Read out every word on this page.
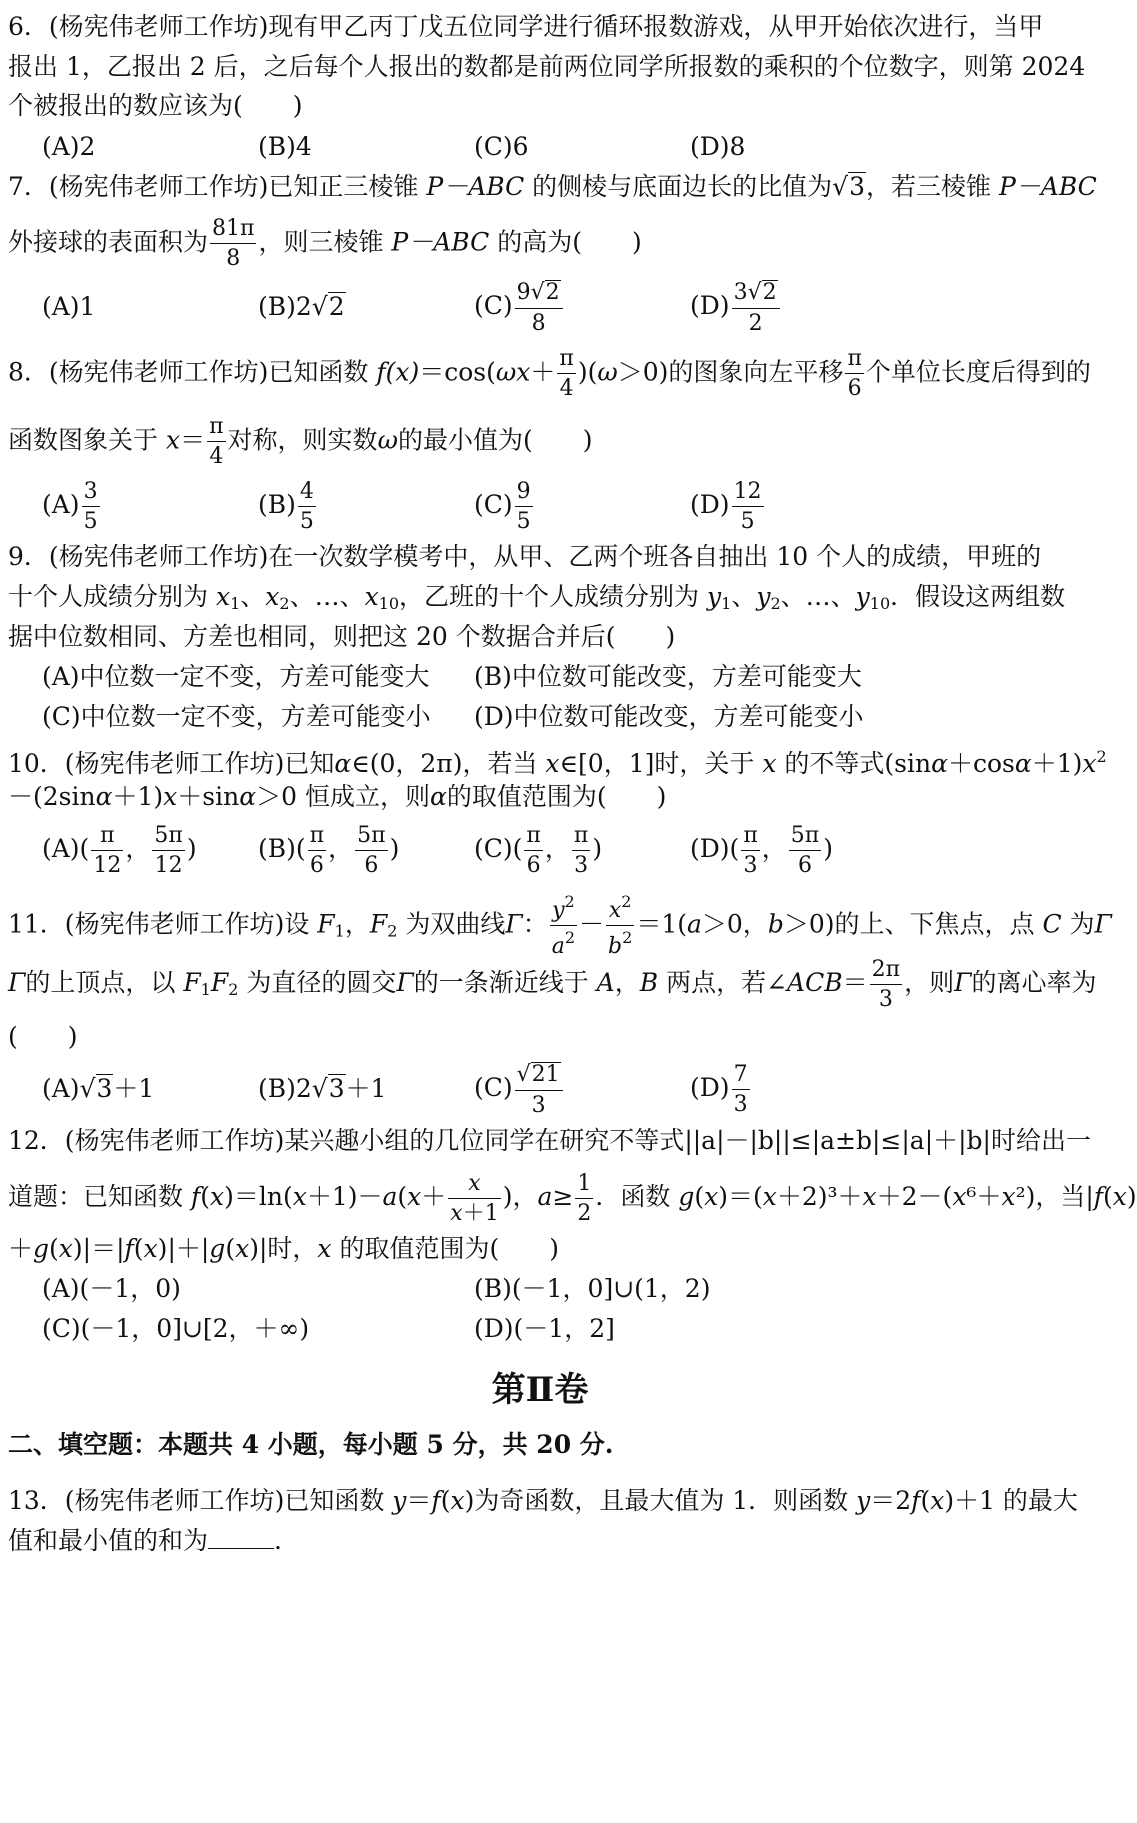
6．(杨宪伟老师工作坊)现有甲乙丙丁戊五位同学进行循环报数游戏，从甲开始依次进行，当甲
报出 1，乙报出 2 后，之后每个人报出的数都是前两位同学所报数的乘积的个位数字，则第 2024
个被报出的数应该为(　　)
(A)2	(B)4	(C)6	(D)8
7．(杨宪伟老师工作坊)已知正三棱锥 P－ABC 的侧棱与底面边长的比值为√3，若三棱锥 P－ABC
外接球的表面积为 $\frac{81\pi}{8}$ ，则三棱锥 P－ABC 的高为(　　)
(A)1	(B)2√2	$(C) \frac{9√2}{8}$	$(D) \frac{3√2}{2}$
8．(杨宪伟老师工作坊)已知函数 $f(x)=\cos(\omega x+ \frac{\pi}{4} )(\omega>0)$的图象向左平移 $\frac{\pi}{6}$ 个单位长度后得到的
函数图象关于 $x= \frac{\pi}{4}$ 对称，则实数ω的最小值为(　　)
$(A) \frac{3}{5}$	$(B) \frac{4}{5}$	$(C) \frac{9}{5}$	$(D) \frac{12}{5}$
9．(杨宪伟老师工作坊)在一次数学模考中，从甲、乙两个班各自抽出 10 个人的成绩，甲班的
十个人成绩分别为 $x_1$、$x_2$、…、$x_{10}$，乙班的十个人成绩分别为 $y_1$、$y_2$、…、$y_{10}$．假设这两组数
据中位数相同、方差也相同，则把这 20 个数据合并后(　　)
(A)中位数一定不变，方差可能变大 (B)中位数可能改变，方差可能变大
(C)中位数一定不变，方差可能变小 (D)中位数可能改变，方差可能变小
10．(杨宪伟老师工作坊)已知α∈(0，2π)，若当 x∈[0，1]时，关于 x 的不等式$(\sin\alpha+\cos\alpha+1)x^2$
－(2sinα＋1)x＋sinα＞0 恒成立，则α的取值范围为(　　)
$(A)( \frac{\pi}{12}$ ， $\frac{5\pi}{12}$ ) $(B)( \frac{\pi}{6}$ ， $\frac{5\pi}{6}$ )	$(C)( \frac{\pi}{6}$ ， $\frac{\pi}{3}$ )	$(D)( \frac{\pi}{3}$ ， $\frac{5\pi}{6}$ )
11．(杨宪伟老师工作坊)设 $F_1$，$F_2$ 为双曲线Γ： $\frac{y^2}{a^2} - \frac{x^2}{b^2} =1(a>0$，b＞0)的上、下焦点，点 C 为Γ
Γ的上顶点，以 $F_1F_2$ 为直径的圆交Γ的一条渐近线于 A，B 两点，若∠ACB＝ $\frac{2\pi}{3}$ ，则Γ的离心率为
(　　)
(A)√3＋1	(B)2√3＋1	$(C) \frac{√21}{3}$	$(D) \frac{7}{3}$
12．(杨宪伟老师工作坊)某兴趣小组的几位同学在研究不等式||a|－|b||≤|a±b|≤|a|＋|b|时给出一
道题：已知函数 $f(x)=\ln(x+1)-a(x+ \frac{x}{x+1}$ )，$a\ge \frac{1}{2}$ ．函数 g(x)＝(x＋2)³＋x＋2－(x⁶＋x²)，当|f(x)
＋g(x)|＝|f(x)|＋|g(x)|时，x 的取值范围为(　　)
(A)(－1，0)	(B)(－1，0]∪(1，2)
(C)(－1，0]∪[2，＋∞)	(D)(－1，2]
第Ⅱ卷
二、填空题：本题共 4 小题，每小题 5 分，共 20 分.
13．(杨宪伟老师工作坊)已知函数 y＝f(x)为奇函数，且最大值为 1．则函数 y＝2f(x)＋1 的最大
值和最小值的和为	.
